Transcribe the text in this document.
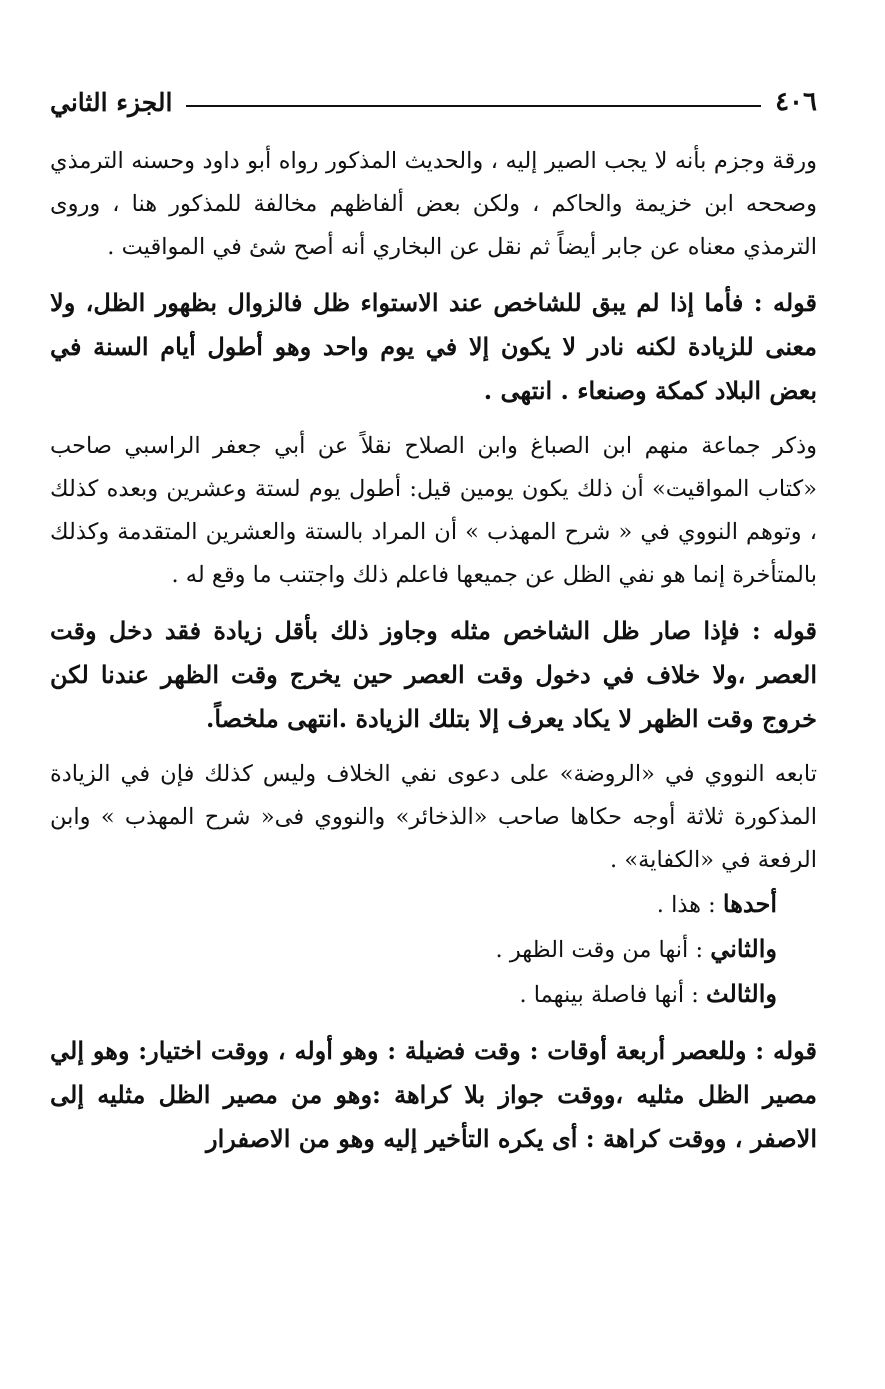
٤٠٦
الجزء الثاني

ورقة وجزم بأنه لا يجب الصير إليه ، والحديث المذكور رواه أبو داود وحسنه الترمذي وصححه ابن خزيمة والحاكم ، ولكن بعض ألفاظهم مخالفة للمذكور هنا ، وروى الترمذي معناه عن جابر أيضاً ثم نقل عن البخاري أنه أصح شئ في المواقيت .

قوله : فأما إذا لم يبق للشاخص عند الاستواء ظل فالزوال بظهور الظل، ولا معنى للزيادة لكنه نادر لا يكون إلا في يوم واحد وهو أطول أيام السنة في بعض البلاد كمكة وصنعاء . انتهى .

وذكر جماعة منهم ابن الصباغ وابن الصلاح نقلاً عن أبي جعفر الراسبي صاحب «كتاب المواقيت» أن ذلك يكون يومين قيل: أطول يوم لستة وعشرين وبعده كذلك ، وتوهم النووي في « شرح المهذب » أن المراد بالستة والعشرين المتقدمة وكذلك بالمتأخرة إنما هو نفي الظل عن جميعها فاعلم ذلك واجتنب ما وقع له .

قوله : فإذا صار ظل الشاخص مثله وجاوز ذلك بأقل زيادة فقد دخل وقت العصر ،ولا خلاف في دخول وقت العصر حين يخرج وقت الظهر عندنا لكن خروج وقت الظهر لا يكاد يعرف إلا بتلك الزيادة .انتهى ملخصاً.

تابعه النووي في «الروضة» على دعوى نفي الخلاف وليس كذلك فإن في الزيادة المذكورة ثلاثة أوجه حكاها صاحب «الذخائر» والنووي فى« شرح المهذب » وابن الرفعة في «الكفاية» .

أحدها : هذا .

والثاني : أنها من وقت الظهر .

والثالث : أنها فاصلة بينهما .

قوله : وللعصر أربعة أوقات : وقت فضيلة : وهو أوله ، ووقت اختيار: وهو إلي مصير الظل مثليه ،ووقت جواز بلا كراهة :وهو من مصير الظل مثليه إلى الاصفر ، ووقت كراهة : أى يكره التأخير إليه وهو من الاصفرار
